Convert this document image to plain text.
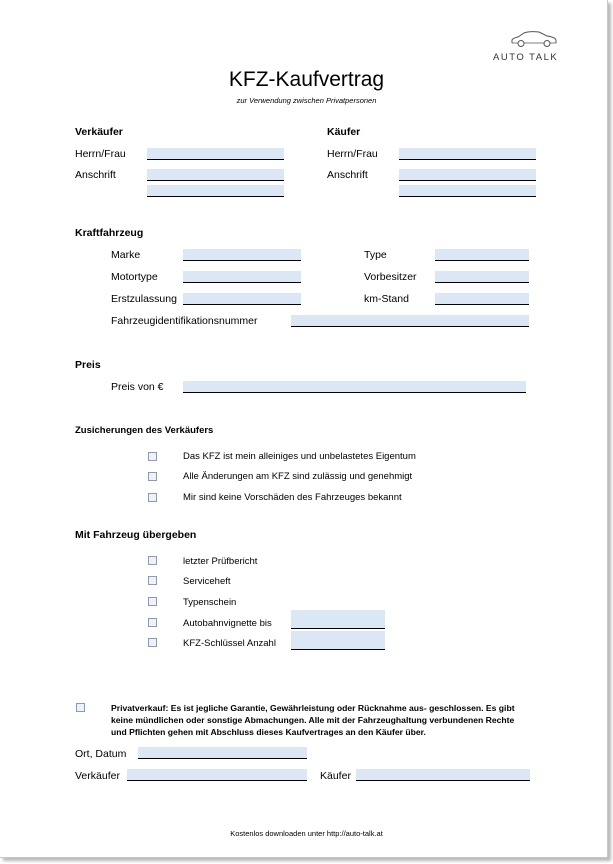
AUTO TALK
KFZ-Kaufvertrag
zur Verwendung zwischen Privatpersonen
Verkäufer
Herrn/Frau
Anschrift
Käufer
Herrn/Frau
Anschrift
Kraftfahrzeug
Marke
Motortype
Erstzulassung
Type
Vorbesitzer
km-Stand
Fahrzeugidentifikationsnummer
Preis
Preis von €
Zusicherungen des Verkäufers
Das KFZ ist mein alleiniges und unbelastetes Eigentum
Alle Änderungen am KFZ sind zulässig und genehmigt
Mir sind keine Vorschäden des Fahrzeuges bekannt
Mit Fahrzeug übergeben
letzter Prüfbericht
Serviceheft
Typenschein
Autobahnvignette bis
KFZ-Schlüssel Anzahl
Privatverkauf: Es ist jegliche Garantie, Gewährleistung oder Rücknahme aus- geschlossen. Es gibt keine mündlichen oder sonstige Abmachungen. Alle mit der Fahrzeughaltung verbundenen Rechte und Pflichten gehen mit Abschluss dieses Kaufvertrages an den Käufer über.
Ort, Datum
Verkäufer	Käufer
Kostenlos downloaden unter http://auto-talk.at
